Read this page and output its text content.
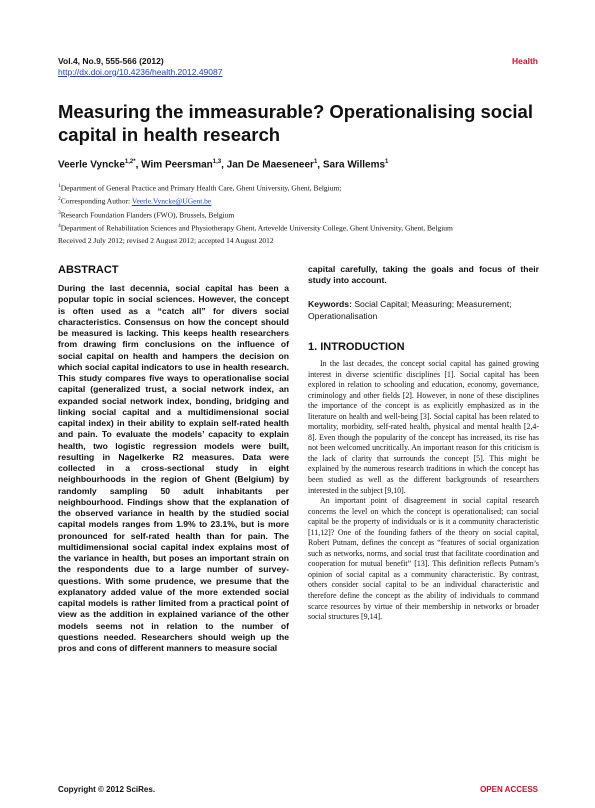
Vol.4, No.9, 555-566 (2012)
http://dx.doi.org/10.4236/health.2012.49087
Health
Measuring the immeasurable? Operationalising social capital in health research
Veerle Vyncke$^{1,2*}$, Wim Peersman$^{1,3}$, Jan De Maeseneer$^1$, Sara Willems$^1$
$^1$Department of General Practice and Primary Health Care, Ghent University, Ghent, Belgium;
$^2$Corresponding Author: Veerle.Vyncke@UGent.be
$^3$Research Foundation Flanders (FWO), Brussels, Belgium
$^4$Department of Rehabilitation Sciences and Physiotherapy Ghent, Artevelde University College, Ghent University, Ghent, Belgium
Received 2 July 2012; revised 2 August 2012; accepted 14 August 2012
ABSTRACT
During the last decennia, social capital has been a popular topic in social sciences. However, the concept is often used as a “catch all” for divers social characteristics. Consensus on how the concept should be measured is lacking. This keeps health researchers from drawing firm conclusions on the influence of social capital on health and hampers the decision on which social capital indicators to use in health research. This study compares five ways to operationalise social capital (generalized trust, a social network index, an expanded social network index, bonding, bridging and linking social capital and a multidimensional social capital index) in their ability to explain self-rated health and pain. To evaluate the models’ capacity to explain health, two logistic regression models were built, resulting in Nagelkerke R2 measures. Data were collected in a cross-sectional study in eight neighbourhoods in the region of Ghent (Belgium) by randomly sampling 50 adult inhabitants per neighbourhood. Findings show that the explanation of the observed variance in health by the studied social capital models ranges from 1.9% to 23.1%, but is more pronounced for self-rated health than for pain. The multidimensional social capital index explains most of the variance in health, but poses an important strain on the respondents due to a large number of survey-questions. With some prudence, we presume that the explanatory added value of the more extended social capital models is rather limited from a practical point of view as the addition in explained variance of the other models seems not in relation to the number of questions needed. Researchers should weigh up the pros and cons of different manners to measure social
capital carefully, taking the goals and focus of their study into account.
Keywords: Social Capital; Measuring; Measurement; Operationalisation
1. INTRODUCTION

In the last decades, the concept social capital has gained growing interest in diverse scientific disciplines [1]. Social capital has been explored in relation to schooling and education, economy, governance, criminology and other fields [2]. However, in none of these disciplines the importance of the concept is as explicitly emphasized as in the literature on health and well-being [3]. Social capital has been related to mortality, morbidity, self-rated health, physical and mental health [2,4-8]. Even though the popularity of the concept has increased, its rise has not been welcomed uncritically. An important reason for this criticism is the lack of clarity that surrounds the concept [5]. This might be explained by the numerous research traditions in which the concept has been studied as well as the different backgrounds of researchers interested in the subject [9,10].

An important point of disagreement in social capital research concerns the level on which the concept is operationalised; can social capital be the property of individuals or is it a community characteristic [11,12]? One of the founding fathers of the theory on social capital, Robert Putnam, defines the concept as “features of social organization such as networks, norms, and social trust that facilitate coordination and cooperation for mutual benefit” [13]. This definition reflects Putnam’s opinion of social capital as a community characteristic. By contrast, others consider social capital to be an individual characteristic and therefore define the concept as the ability of individuals to command scarce resources by virtue of their membership in networks or broader social structures [9,14].

Copyright © 2012 SciRes.	OPEN ACCESS
